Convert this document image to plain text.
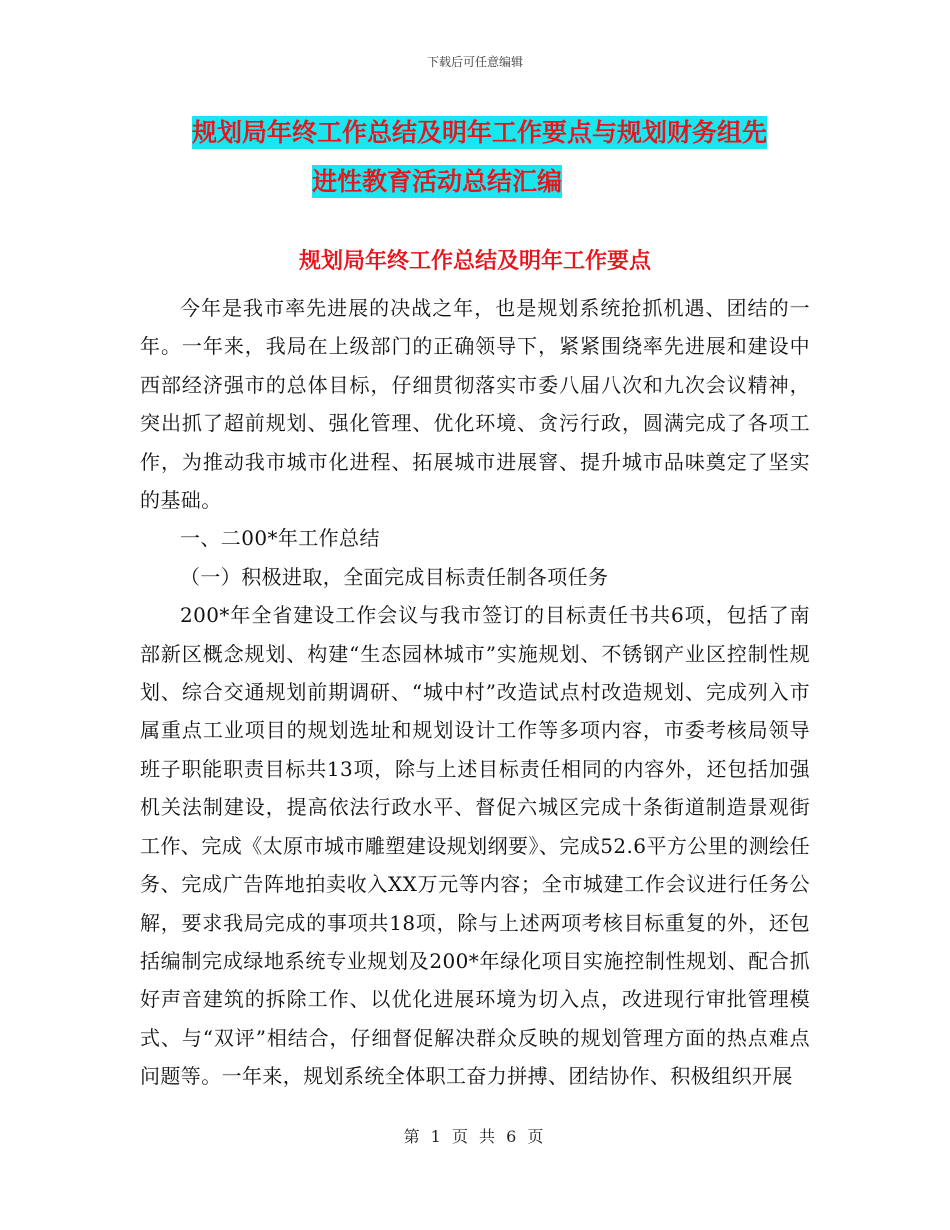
下载后可任意编辑
规划局年终工作总结及明年工作要点与规划财务组先
进性教育活动总结汇编
规划局年终工作总结及明年工作要点

今年是我市率先进展的决战之年，也是规划系统抢抓机遇、团结的一年。一年来，我局在上级部门的正确领导下，紧紧围绕率先进展和建设中西部经济强市的总体目标，仔细贯彻落实市委八届八次和九次会议精神，突出抓了超前规划、强化管理、优化环境、贪污行政，圆满完成了各项工作，为推动我市城市化进程、拓展城市进展窨、提升城市品味奠定了坚实的基础。

一、二00*年工作总结

（一）积极进取，全面完成目标责任制各项任务

200*年全省建设工作会议与我市签订的目标责任书共6项，包括了南部新区概念规划、构建“生态园林城市”实施规划、不锈钢产业区控制性规划、综合交通规划前期调研、“城中村”改造试点村改造规划、完成列入市属重点工业项目的规划选址和规划设计工作等多项内容，市委考核局领导班子职能职责目标共13项，除与上述目标责任相同的内容外，还包括加强机关法制建设，提高依法行政水平、督促六城区完成十条街道制造景观街工作、完成《太原市城市雕塑建设规划纲要》、完成52.6平方公里的测绘任务、完成广告阵地拍卖收入XX万元等内容；全市城建工作会议进行任务公解，要求我局完成的事项共18项，除与上述两项考核目标重复的外，还包括编制完成绿地系统专业规划及200*年绿化项目实施控制性规划、配合抓好声音建筑的拆除工作、以优化进展环境为切入点，改进现行审批管理模式、与“双评”相结合，仔细督促解决群众反映的规划管理方面的热点难点问题等。一年来，规划系统全体职工奋力拼搏、团结协作、积极组织开展

第 1 页 共 6 页
